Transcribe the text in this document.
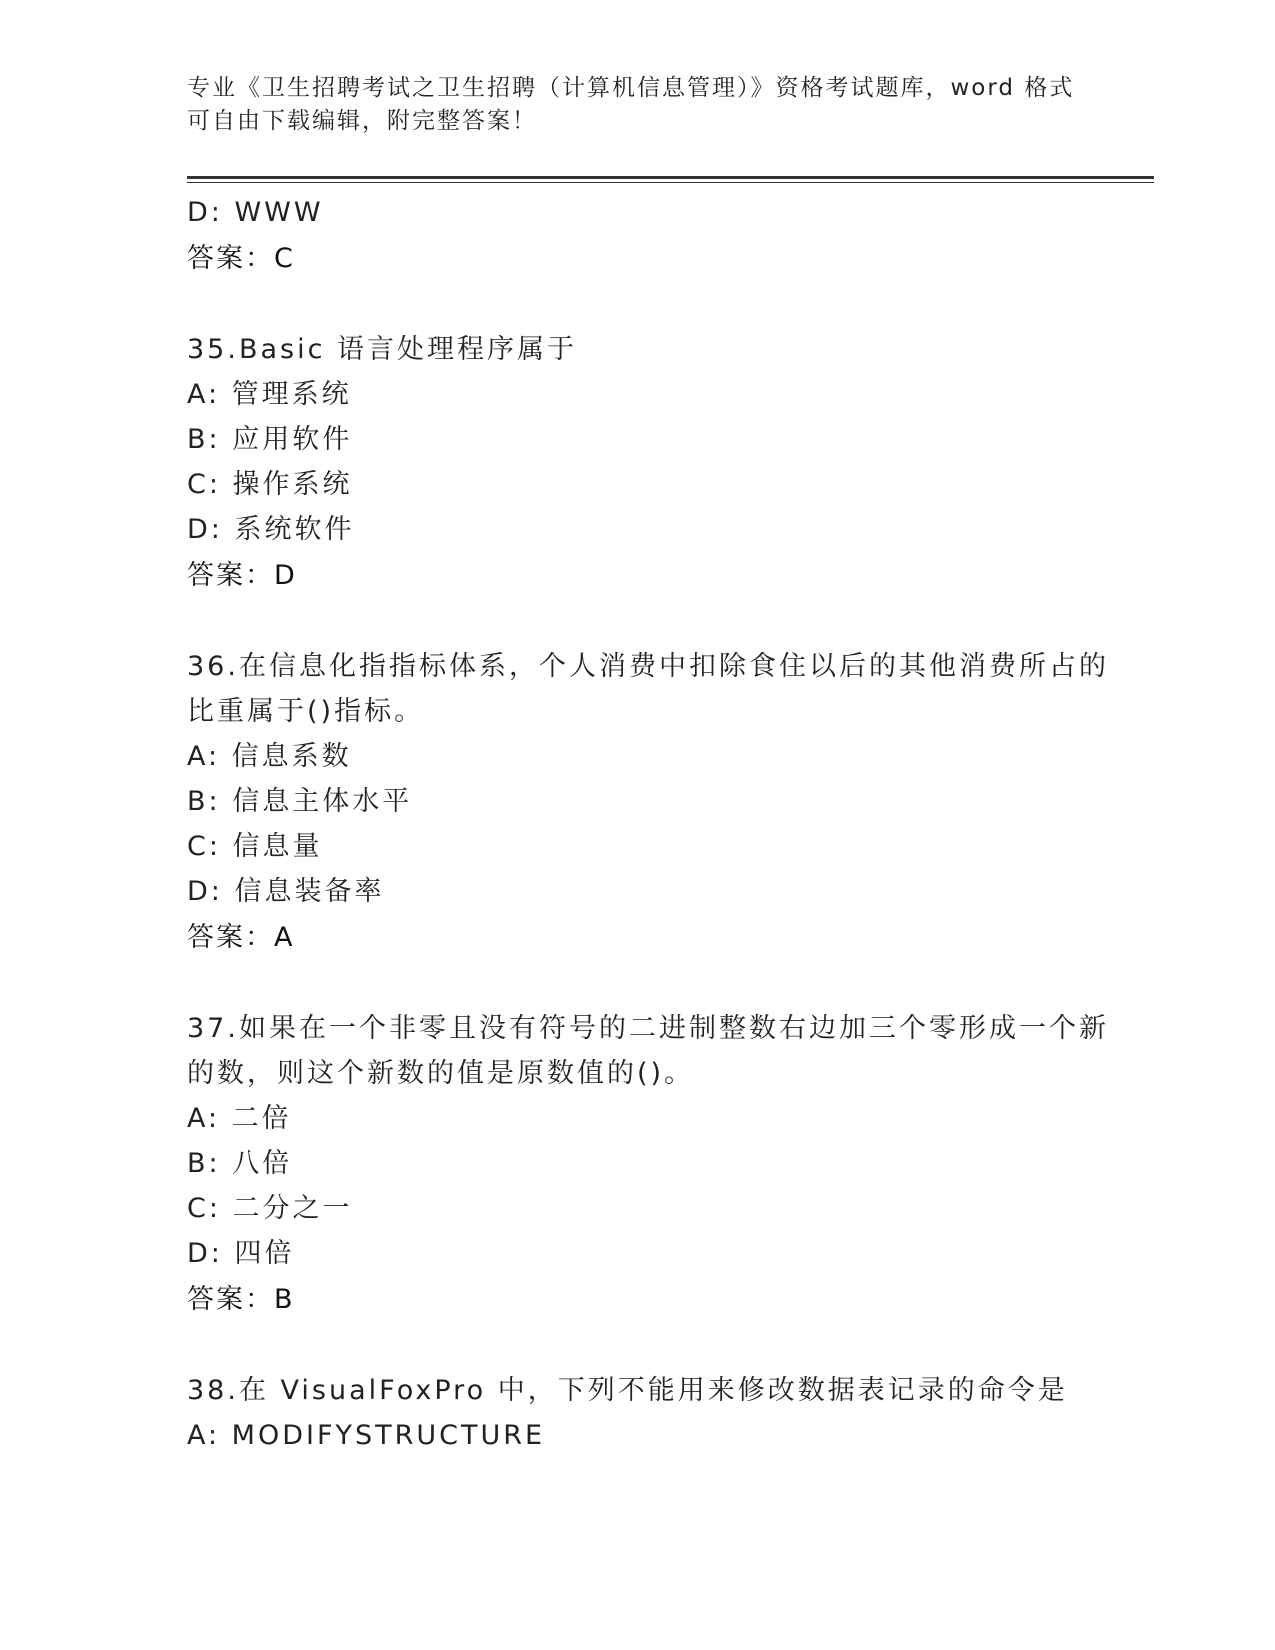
专业《卫生招聘考试之卫生招聘（计算机信息管理）》资格考试题库，word 格式
可自由下载编辑，附完整答案！
D: WWW
答案：C
35.Basic 语言处理程序属于
A: 管理系统
B: 应用软件
C: 操作系统
D: 系统软件
答案：D
36.在信息化指指标体系，个人消费中扣除食住以后的其他消费所占的
比重属于()指标。
A: 信息系数
B: 信息主体水平
C: 信息量
D: 信息装备率
答案：A
37.如果在一个非零且没有符号的二进制整数右边加三个零形成一个新
的数，则这个新数的值是原数值的()。
A: 二倍
B: 八倍
C: 二分之一
D: 四倍
答案：B
38.在 VisualFoxPro 中，下列不能用来修改数据表记录的命令是
A: MODIFYSTRUCTURE
